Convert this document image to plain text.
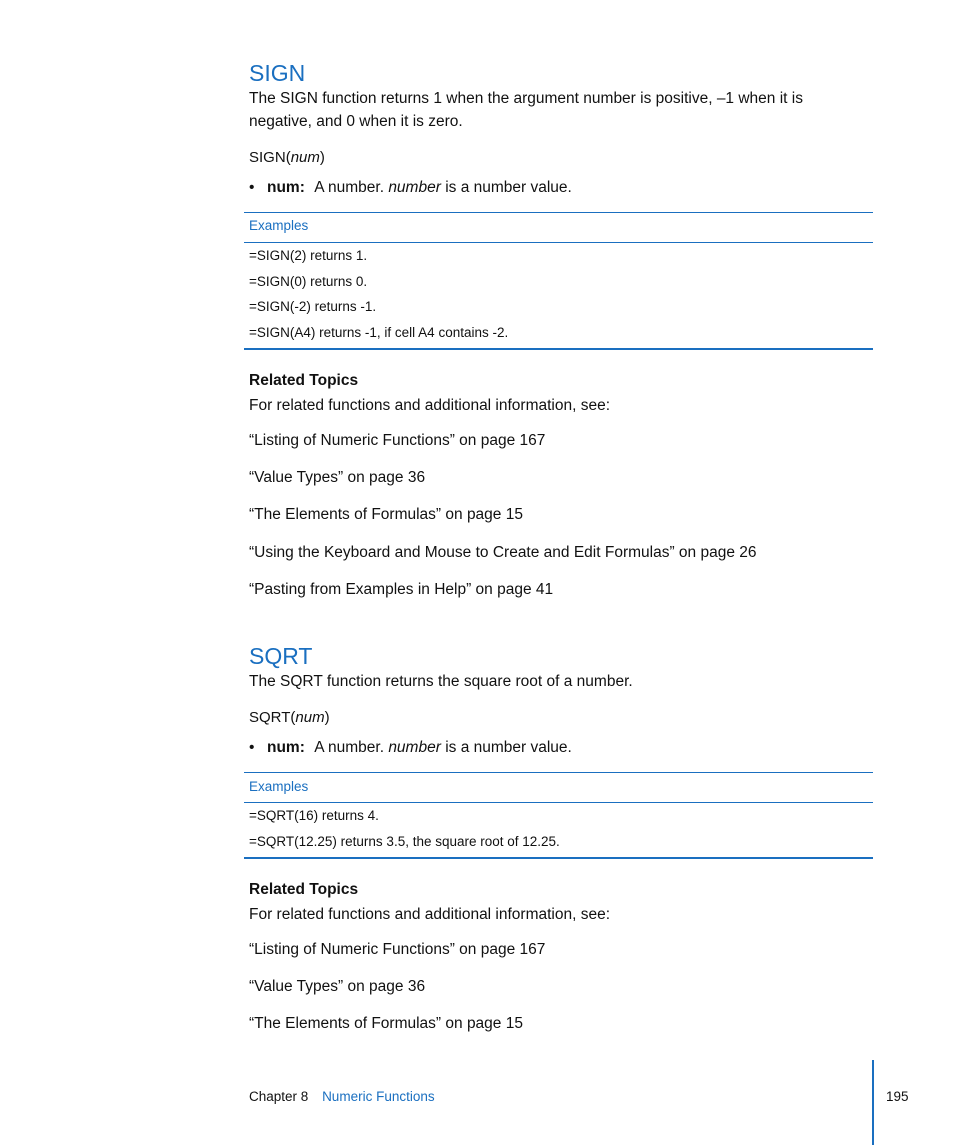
SIGN
The SIGN function returns 1 when the argument number is positive, –1 when it is
negative, and 0 when it is zero.
SIGN(num)
• num: A number. number is a number value.
Examples
=SIGN(2) returns 1.
=SIGN(0) returns 0.
=SIGN(-2) returns -1.
=SIGN(A4) returns -1, if cell A4 contains -2.
Related Topics
For related functions and additional information, see:
“Listing of Numeric Functions” on page 167
“Value Types” on page 36
“The Elements of Formulas” on page 15
“Using the Keyboard and Mouse to Create and Edit Formulas” on page 26
“Pasting from Examples in Help” on page 41
SQRT
The SQRT function returns the square root of a number.
SQRT(num)
• num: A number. number is a number value.
Examples
=SQRT(16) returns 4.
=SQRT(12.25) returns 3.5, the square root of 12.25.
Related Topics
For related functions and additional information, see:
“Listing of Numeric Functions” on page 167
“Value Types” on page 36
“The Elements of Formulas” on page 15
Chapter 8 Numeric Functions	195
